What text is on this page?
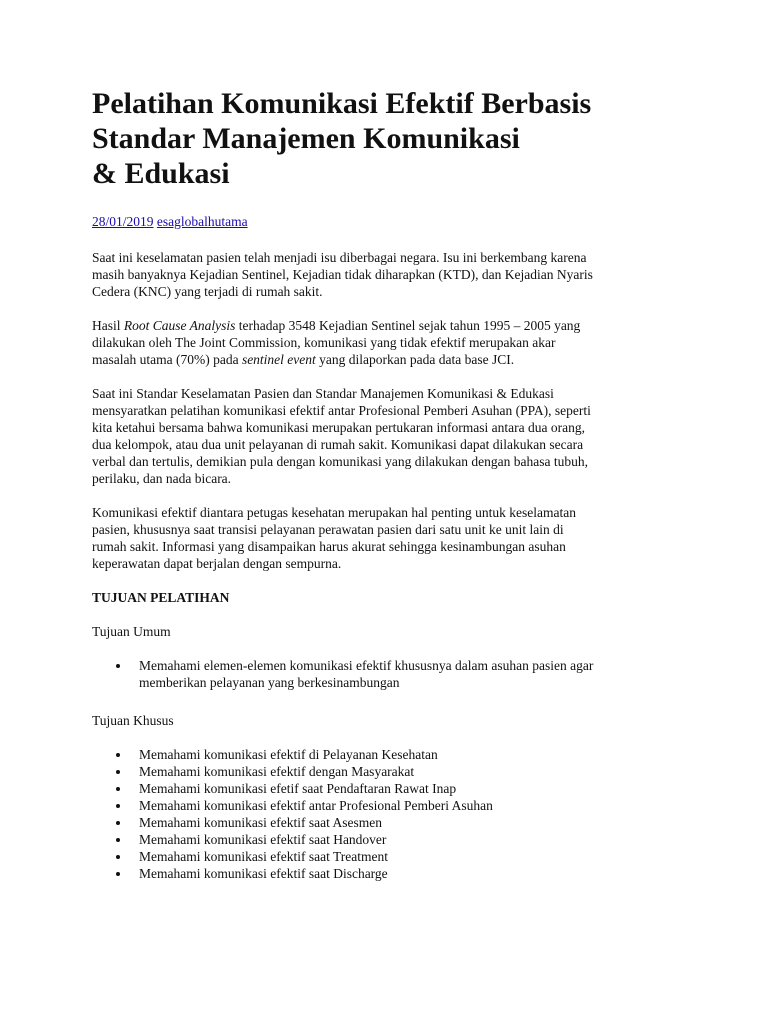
Pelatihan Komunikasi Efektif Berbasis
Standar Manajemen Komunikasi
& Edukasi
28/01/2019 esaglobalhutama

Saat ini keselamatan pasien telah menjadi isu diberbagai negara. Isu ini berkembang karena
masih banyaknya Kejadian Sentinel, Kejadian tidak diharapkan (KTD), dan Kejadian Nyaris
Cedera (KNC) yang terjadi di rumah sakit.

Hasil Root Cause Analysis terhadap 3548 Kejadian Sentinel sejak tahun 1995 – 2005 yang
dilakukan oleh The Joint Commission, komunikasi yang tidak efektif merupakan akar
masalah utama (70%) pada sentinel event yang dilaporkan pada data base JCI.

Saat ini Standar Keselamatan Pasien dan Standar Manajemen Komunikasi & Edukasi
mensyaratkan pelatihan komunikasi efektif antar Profesional Pemberi Asuhan (PPA), seperti
kita ketahui bersama bahwa komunikasi merupakan pertukaran informasi antara dua orang,
dua kelompok, atau dua unit pelayanan di rumah sakit. Komunikasi dapat dilakukan secara
verbal dan tertulis, demikian pula dengan komunikasi yang dilakukan dengan bahasa tubuh,
perilaku, dan nada bicara.

Komunikasi efektif diantara petugas kesehatan merupakan hal penting untuk keselamatan
pasien, khususnya saat transisi pelayanan perawatan pasien dari satu unit ke unit lain di
rumah sakit. Informasi yang disampaikan harus akurat sehingga kesinambungan asuhan
keperawatan dapat berjalan dengan sempurna.

TUJUAN PELATIHAN

Tujuan Umum

Memahami elemen-elemen komunikasi efektif khususnya dalam asuhan pasien agar
memberikan pelayanan yang berkesinambungan

Tujuan Khusus

Memahami komunikasi efektif di Pelayanan Kesehatan
Memahami komunikasi efektif dengan Masyarakat
Memahami komunikasi efetif saat Pendaftaran Rawat Inap
Memahami komunikasi efektif antar Profesional Pemberi Asuhan
Memahami komunikasi efektif saat Asesmen
Memahami komunikasi efektif saat Handover
Memahami komunikasi efektif saat Treatment
Memahami komunikasi efektif saat Discharge
